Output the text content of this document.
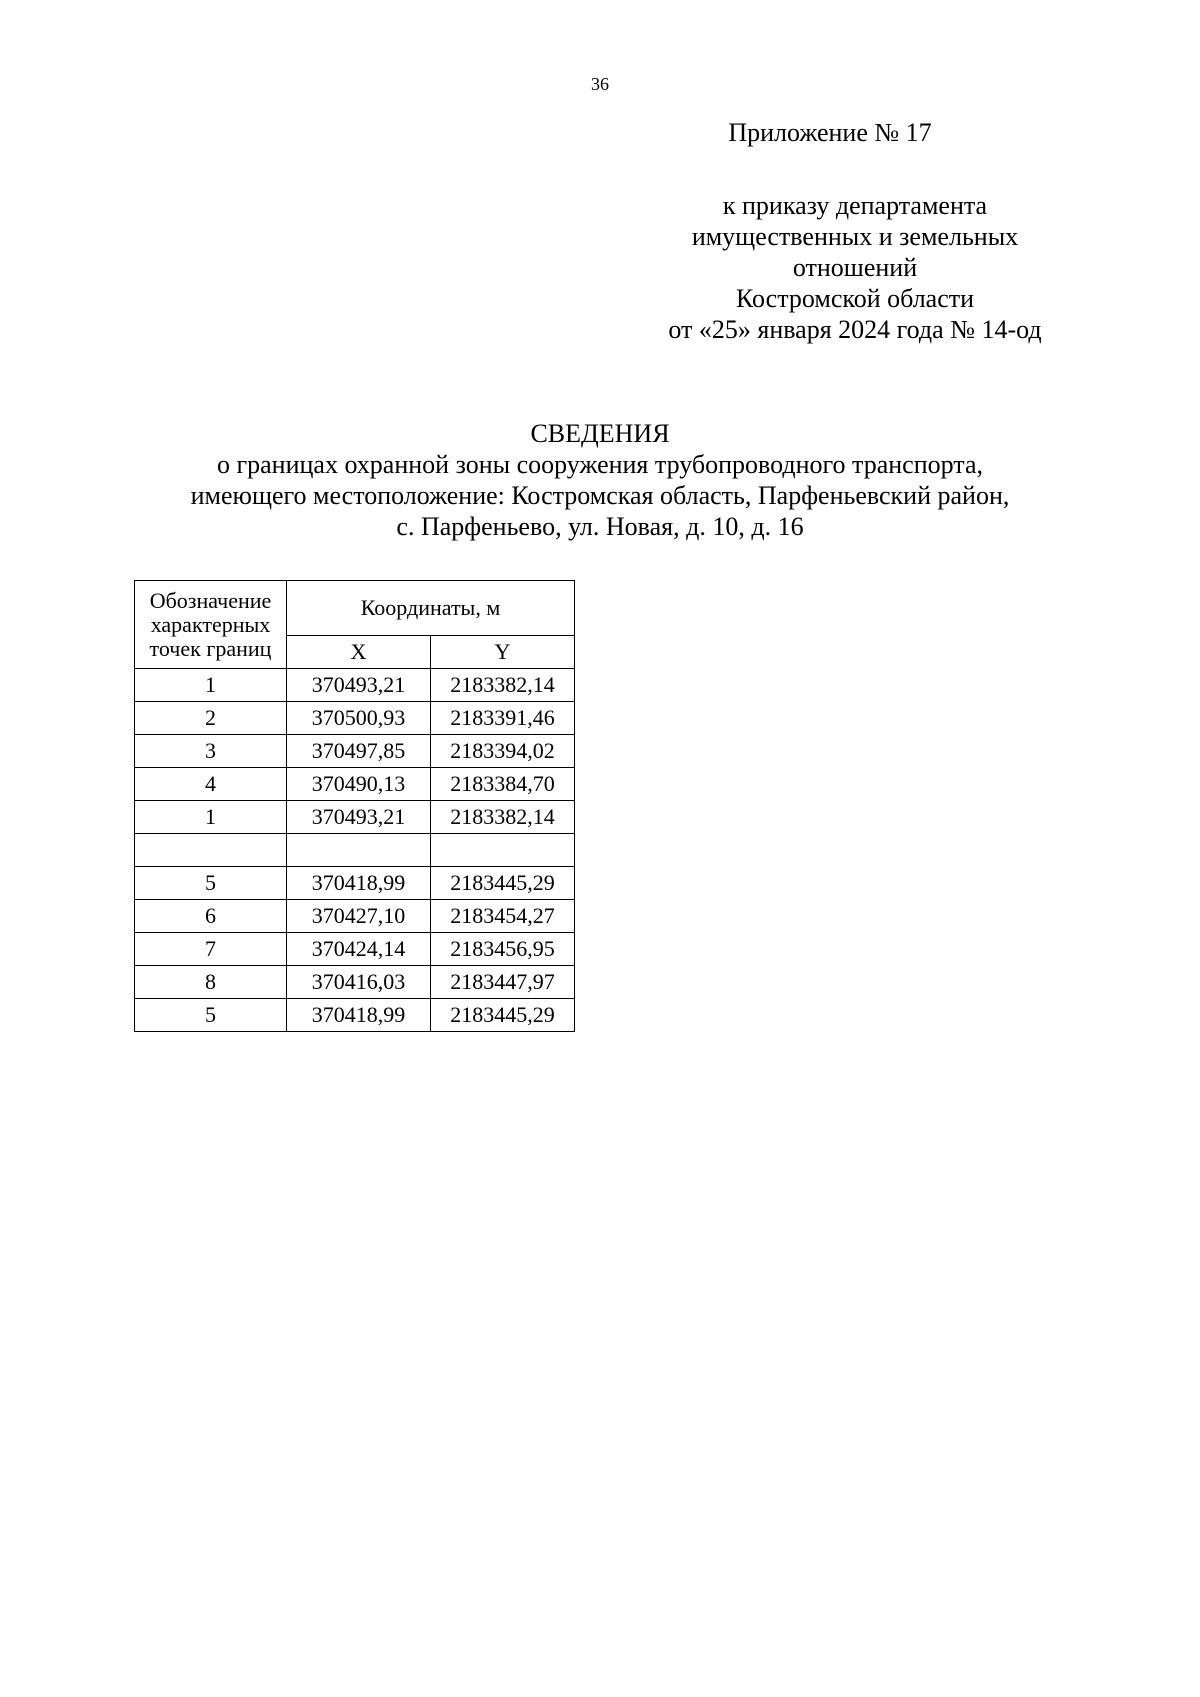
36
Приложение № 17
к приказу департамента
имущественных и земельных
отношений
Костромской области
от «25» января 2024 года № 14-од
СВЕДЕНИЯ
о границах охранной зоны сооружения трубопроводного транспорта,
имеющего местоположение: Костромская область, Парфеньевский район,
с. Парфеньево, ул. Новая, д. 10, д. 16
Обозначение
характерных
точек границ	Координаты, м	
	X	Y
1	370493,21	2183382,14
2	370500,93	2183391,46
3	370497,85	2183394,02
4	370490,13	2183384,70
1	370493,21	2183382,14

5	370418,99	2183445,29
6	370427,10	2183454,27
7	370424,14	2183456,95
8	370416,03	2183447,97
5	370418,99	2183445,29
